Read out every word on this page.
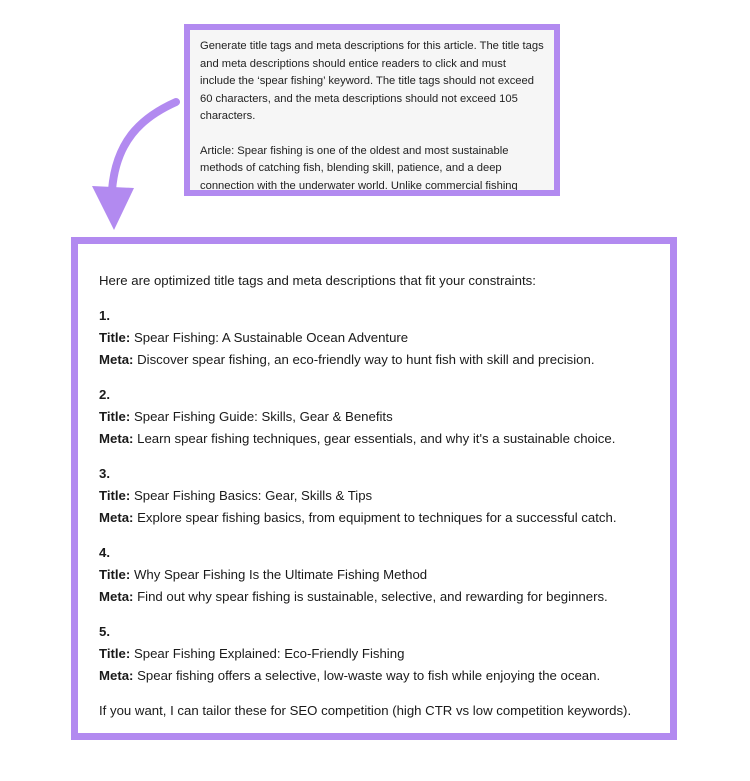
Generate title tags and meta descriptions for this article. The title tags and meta descriptions should entice readers to click and must include the ‘spear fishing’ keyword. The title tags should not exceed 60 characters, and the meta descriptions should not exceed 105 characters.

Article: Spear fishing is one of the oldest and most sustainable methods of catching fish, blending skill, patience, and a deep connection with the underwater world. Unlike commercial fishing

Here are optimized title tags and meta descriptions that fit your constraints:

1.
Title: Spear Fishing: A Sustainable Ocean Adventure
Meta: Discover spear fishing, an eco-friendly way to hunt fish with skill and precision.
2.
Title: Spear Fishing Guide: Skills, Gear & Benefits
Meta: Learn spear fishing techniques, gear essentials, and why it's a sustainable choice.
3.
Title: Spear Fishing Basics: Gear, Skills & Tips
Meta: Explore spear fishing basics, from equipment to techniques for a successful catch.
4.
Title: Why Spear Fishing Is the Ultimate Fishing Method
Meta: Find out why spear fishing is sustainable, selective, and rewarding for beginners.
5.
Title: Spear Fishing Explained: Eco-Friendly Fishing
Meta: Spear fishing offers a selective, low-waste way to fish while enjoying the ocean.

If you want, I can tailor these for SEO competition (high CTR vs low competition keywords).
